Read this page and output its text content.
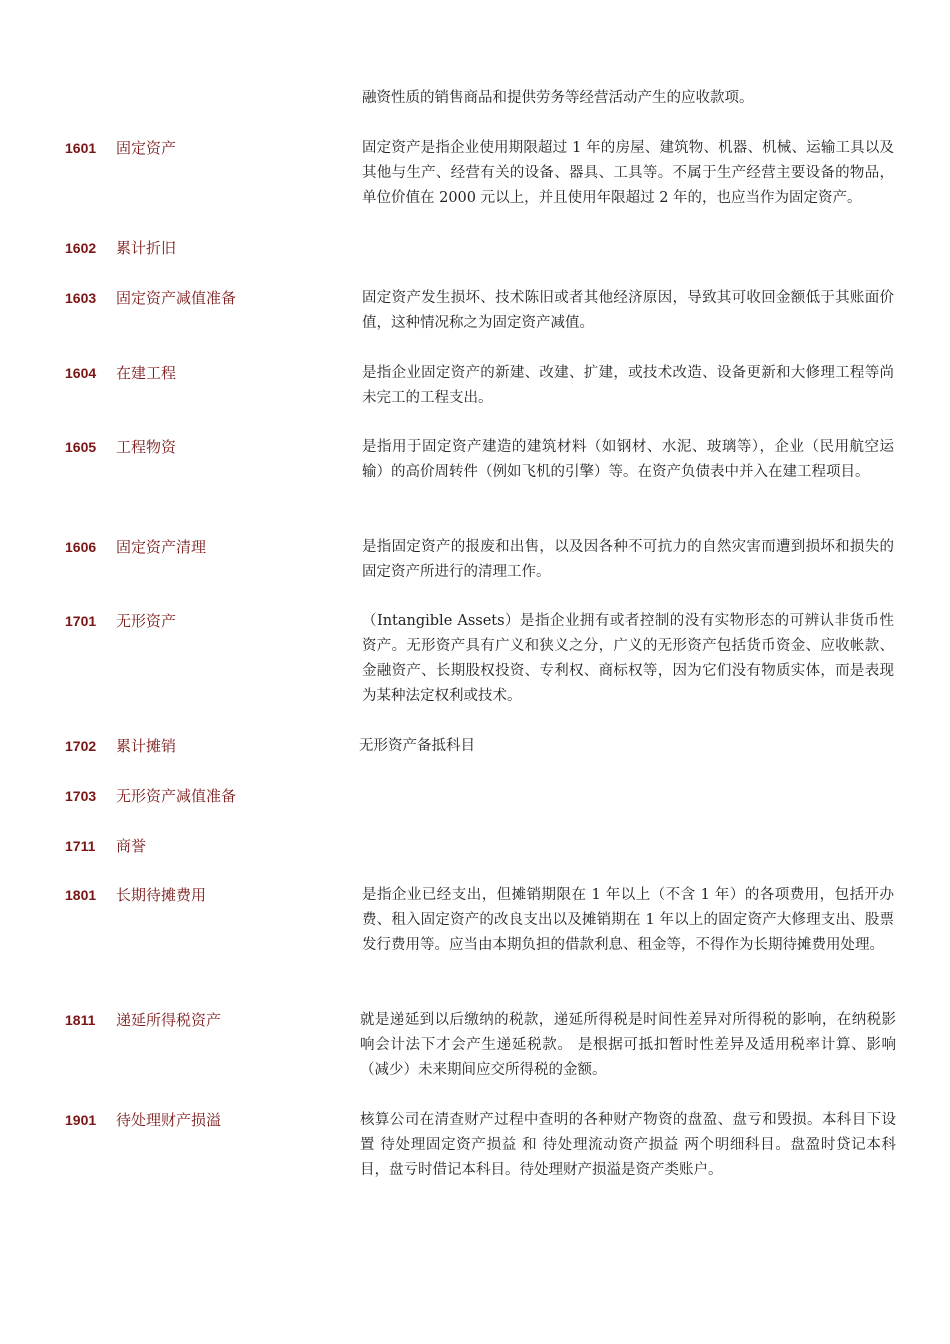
融资性质的销售商品和提供劳务等经营活动产生的应收款项。
1601 固定资产	固定资产是指企业使用期限超过 1 年的房屋、建筑物、机器、机械、运输工具以及其他与生产、经营有关的设备、器具、工具等。不属于生产经营主要设备的物品，单位价值在 2000 元以上，并且使用年限超过 2 年的，也应当作为固定资产。
1602 累计折旧
1603 固定资产减值准备	固定资产发生损坏、技术陈旧或者其他经济原因，导致其可收回金额低于其账面价值，这种情况称之为固定资产减值。
1604 在建工程	是指企业固定资产的新建、改建、扩建，或技术改造、设备更新和大修理工程等尚未完工的工程支出。
1605 工程物资	是指用于固定资产建造的建筑材料（如钢材、水泥、玻璃等），企业（民用航空运输）的高价周转件（例如飞机的引擎）等。在资产负债表中并入在建工程项目。
1606 固定资产清理	是指固定资产的报废和出售，以及因各种不可抗力的自然灾害而遭到损坏和损失的固定资产所进行的清理工作。
1701 无形资产	（Intangible Assets）是指企业拥有或者控制的没有实物形态的可辨认非货币性资产。无形资产具有广义和狭义之分，广义的无形资产包括货币资金、应收帐款、金融资产、长期股权投资、专利权、商标权等，因为它们没有物质实体，而是表现为某种法定权利或技术。
1702 累计摊销	无形资产备抵科目
1703 无形资产减值准备
1711 商誉
1801 长期待摊费用	是指企业已经支出，但摊销期限在 1 年以上（不含 1 年）的各项费用，包括开办费、租入固定资产的改良支出以及摊销期在 1 年以上的固定资产大修理支出、股票发行费用等。应当由本期负担的借款利息、租金等，不得作为长期待摊费用处理。
1811 递延所得税资产	就是递延到以后缴纳的税款，递延所得税是时间性差异对所得税的影响，在纳税影响会计法下才会产生递延税款。 是根据可抵扣暂时性差异及适用税率计算、影响（减少）未来期间应交所得税的金额。
1901 待处理财产损溢	核算公司在清查财产过程中查明的各种财产物资的盘盈、盘亏和毁损。本科目下设置 待处理固定资产损益 和 待处理流动资产损益 两个明细科目。盘盈时贷记本科目，盘亏时借记本科目。待处理财产损溢是资产类账户。
